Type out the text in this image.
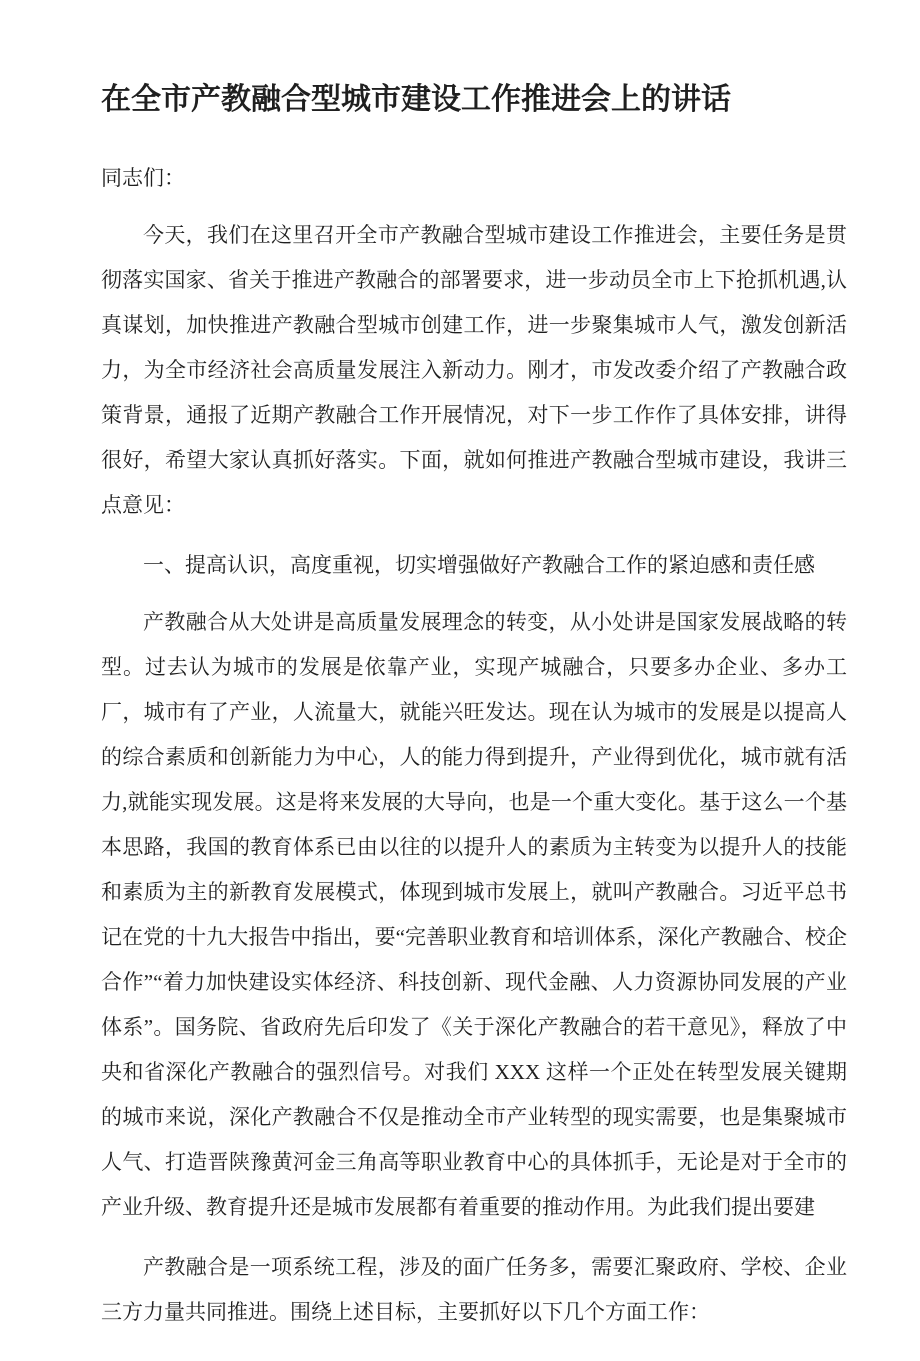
在全市产教融合型城市建设工作推进会上的讲话

同志们：

今天，我们在这里召开全市产教融合型城市建设工作推进会，主要任务是贯彻落实国家、省关于推进产教融合的部署要求，进一步动员全市上下抢抓机遇,认真谋划，加快推进产教融合型城市创建工作，进一步聚集城市人气，激发创新活力，为全市经济社会高质量发展注入新动力。刚才，市发改委介绍了产教融合政策背景，通报了近期产教融合工作开展情况，对下一步工作作了具体安排，讲得很好，希望大家认真抓好落实。下面，就如何推进产教融合型城市建设，我讲三点意见：

一、提高认识，高度重视，切实增强做好产教融合工作的紧迫感和责任感

产教融合从大处讲是高质量发展理念的转变，从小处讲是国家发展战略的转型。过去认为城市的发展是依靠产业，实现产城融合，只要多办企业、多办工厂，城市有了产业，人流量大，就能兴旺发达。现在认为城市的发展是以提高人的综合素质和创新能力为中心，人的能力得到提升，产业得到优化，城市就有活力,就能实现发展。这是将来发展的大导向，也是一个重大变化。基于这么一个基本思路，我国的教育体系已由以往的以提升人的素质为主转变为以提升人的技能和素质为主的新教育发展模式，体现到城市发展上，就叫产教融合。习近平总书记在党的十九大报告中指出，要“完善职业教育和培训体系，深化产教融合、校企合作”“着力加快建设实体经济、科技创新、现代金融、人力资源协同发展的产业体系”。国务院、省政府先后印发了《关于深化产教融合的若干意见》，释放了中央和省深化产教融合的强烈信号。对我们 XXX 这样一个正处在转型发展关键期的城市来说，深化产教融合不仅是推动全市产业转型的现实需要，也是集聚城市人气、打造晋陕豫黄河金三角高等职业教育中心的具体抓手，无论是对于全市的产业升级、教育提升还是城市发展都有着重要的推动作用。为此我们提出要建

产教融合是一项系统工程，涉及的面广任务多，需要汇聚政府、学校、企业三方力量共同推进。围绕上述目标，主要抓好以下几个方面工作：
